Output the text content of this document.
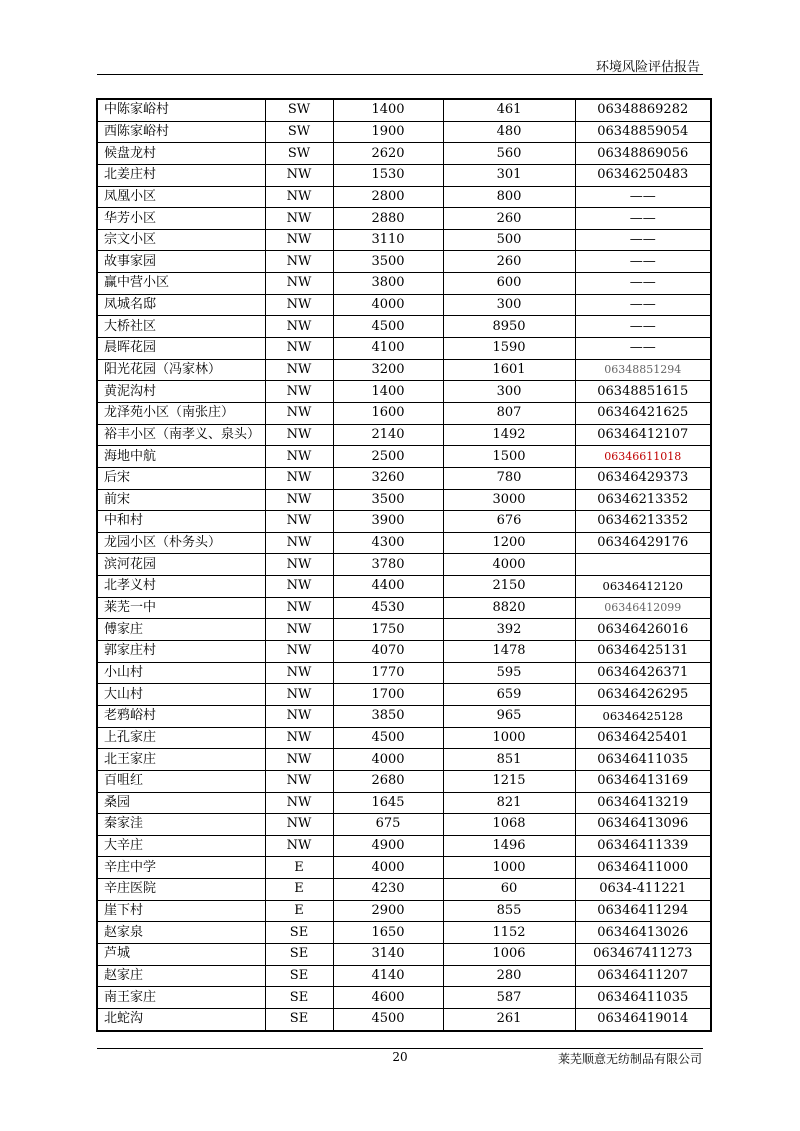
环境风险评估报告
中陈家峪村	SW	1400	461	06348869282
西陈家峪村	SW	1900	480	06348859054
候盘龙村	SW	2620	560	06348869056
北姜庄村	NW	1530	301	06346250483
凤凰小区	NW	2800	800	——
华芳小区	NW	2880	260	——
宗文小区	NW	3110	500	——
故事家园	NW	3500	260	——
赢中营小区	NW	3800	600	——
凤城名邸	NW	4000	300	——
大桥社区	NW	4500	8950	——
晨晖花园	NW	4100	1590	——
阳光花园（冯家林）	NW	3200	1601	06348851294
黄泥沟村	NW	1400	300	06348851615
龙泽苑小区（南张庄）	NW	1600	807	06346421625
裕丰小区（南孝义、泉头）	NW	2140	1492	06346412107
海地中航	NW	2500	1500	06346611018
后宋	NW	3260	780	06346429373
前宋	NW	3500	3000	06346213352
中和村	NW	3900	676	06346213352
龙园小区（朴务头）	NW	4300	1200	06346429176
滨河花园	NW	3780	4000	
北孝义村	NW	4400	2150	06346412120
莱芜一中	NW	4530	8820	06346412099
傅家庄	NW	1750	392	06346426016
郭家庄村	NW	4070	1478	06346425131
小山村	NW	1770	595	06346426371
大山村	NW	1700	659	06346426295
老鸦峪村	NW	3850	965	06346425128
上孔家庄	NW	4500	1000	06346425401
北王家庄	NW	4000	851	06346411035
百咀红	NW	2680	1215	06346413169
桑园	NW	1645	821	06346413219
秦家洼	NW	675	1068	06346413096
大辛庄	NW	4900	1496	06346411339
辛庄中学	E	4000	1000	06346411000
辛庄医院	E	4230	60	0634-411221
崖下村	E	2900	855	06346411294
赵家泉	SE	1650	1152	06346413026
芦城	SE	3140	1006	063467411273
赵家庄	SE	4140	280	06346411207
南王家庄	SE	4600	587	06346411035
北蛇沟	SE	4500	261	06346419014
20	莱芜顺意无纺制品有限公司
